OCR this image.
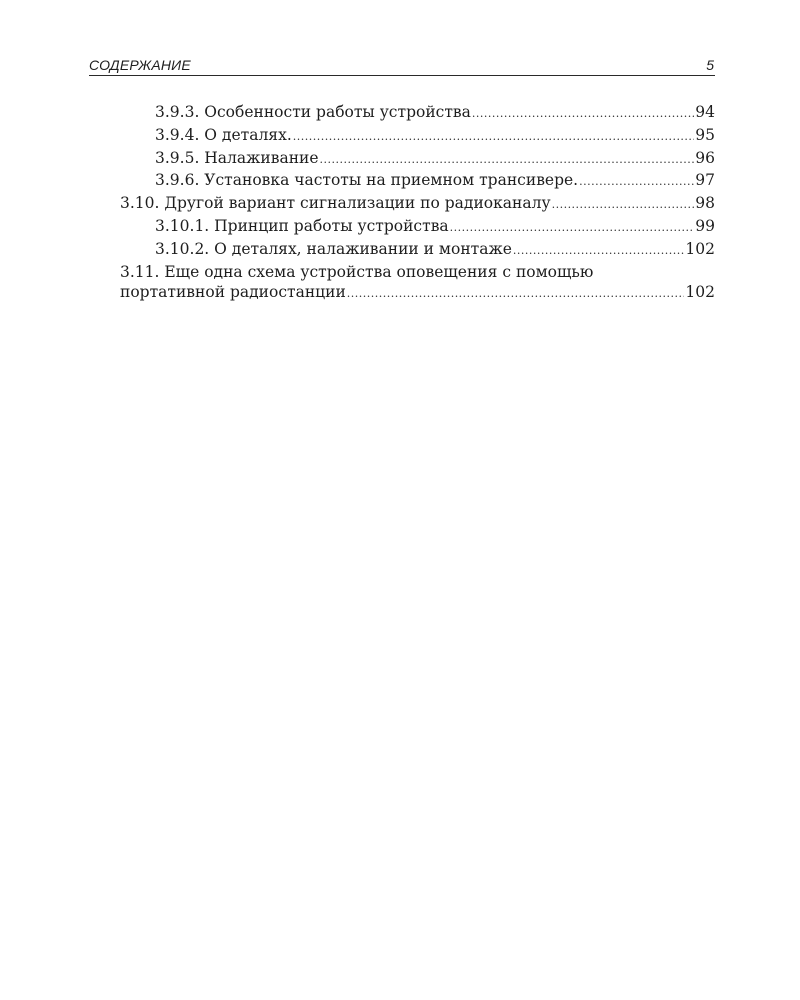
СОДЕРЖАНИЕ	5
3.9.3. Особенности работы устройства .....	94
3.9.4. О деталях. .....	95
3.9.5. Налаживание .....	96
3.9.6. Установка частоты на приемном трансивере. .....	97
3.10. Другой вариант сигнализации по радиоканалу .....	98
3.10.1. Принцип работы устройства .....	99
3.10.2. О деталях, налаживании и монтаже .....	102
3.11. Еще одна схема устройства оповещения с помощью
портативной радиостанции .....	102
